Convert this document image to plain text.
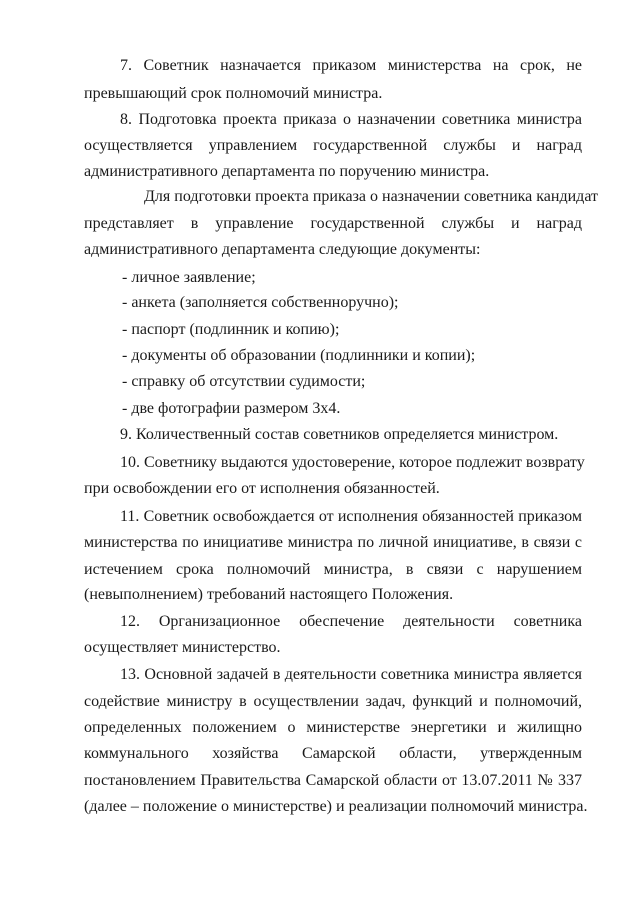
7. Советник назначается приказом министерства на срок, не
превышающий срок полномочий министра.
8. Подготовка проекта приказа о назначении советника министра
осуществляется управлением государственной службы и наград
административного департамента по поручению министра.
Для подготовки проекта приказа о назначении советника кандидат
представляет в управление государственной службы и наград
административного департамента следующие документы:
- личное заявление;
- анкета (заполняется собственноручно);
- паспорт (подлинник и копию);
- документы об образовании (подлинники и копии);
- справку об отсутствии судимости;
- две фотографии размером 3x4.
9. Количественный состав советников определяется министром.
10. Советнику выдаются удостоверение, которое подлежит возврату
при освобождении его от исполнения обязанностей.
11. Советник освобождается от исполнения обязанностей приказом
министерства по инициативе министра по личной инициативе, в связи с
истечением срока полномочий министра, в связи с нарушением
(невыполнением) требований настоящего Положения.
12. Организационное обеспечение деятельности советника
осуществляет министерство.
13. Основной задачей в деятельности советника министра является
содействие министру в осуществлении задач, функций и полномочий,
определенных положением о министерстве энергетики и жилищно
коммунального хозяйства Самарской области, утвержденным
постановлением Правительства Самарской области от 13.07.2011 № 337
(далее – положение о министерстве) и реализации полномочий министра.
